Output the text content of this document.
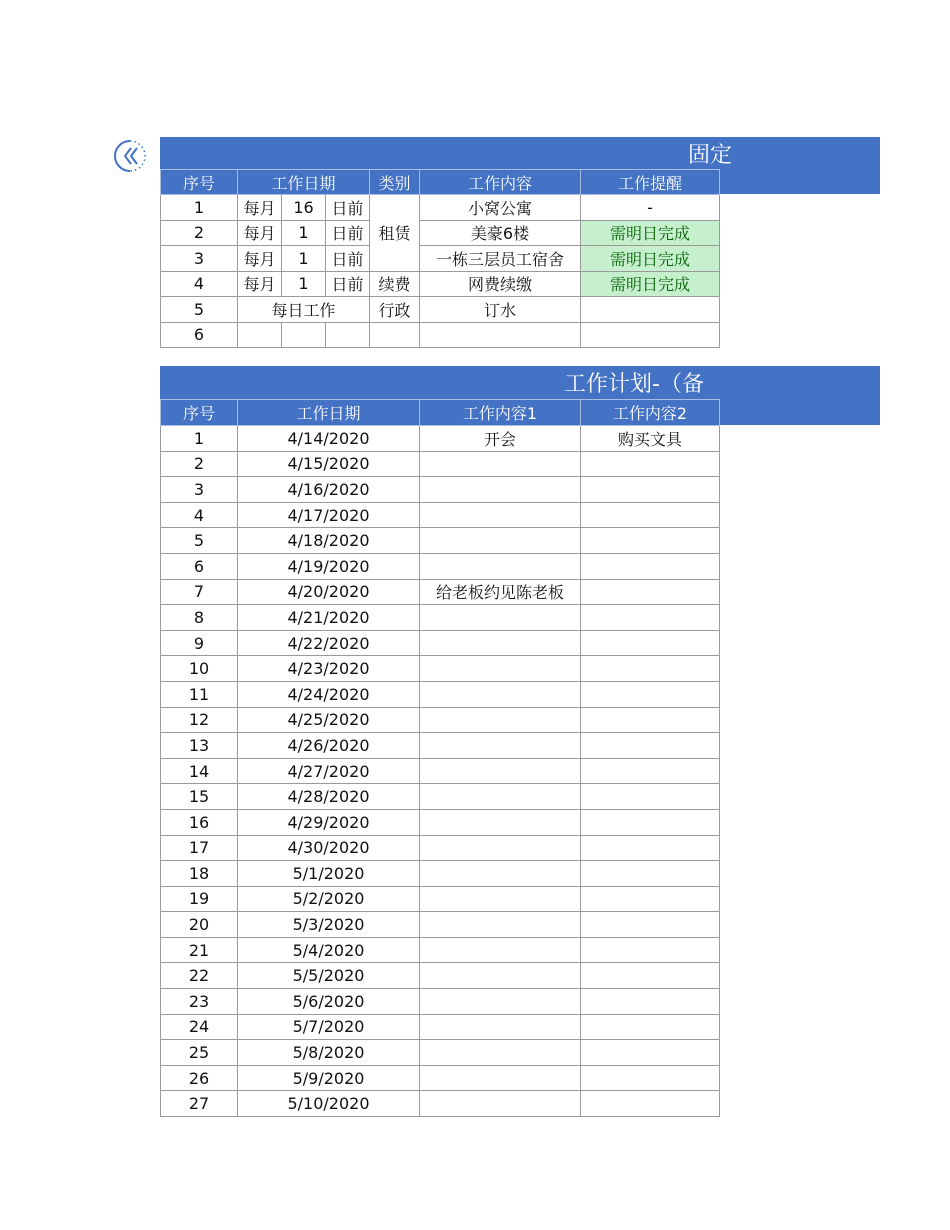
固定
序号	工作日期			类别	工作内容	工作提醒
1	每月	16	日前	租赁	小窝公寓	-
2	每月	1	日前		美豪6楼	需明日完成
3	每月	1	日前		一栋三层员工宿舍	需明日完成
4	每月	1	日前	续费	网费续缴	需明日完成
5	每日工作			行政	订水	
6						
工作计划-（备
序号	工作日期	工作内容1	工作内容2
1	4/14/2020	开会	购买文具
2	4/15/2020		
3	4/16/2020		
4	4/17/2020		
5	4/18/2020		
6	4/19/2020		
7	4/20/2020	给老板约见陈老板	
8	4/21/2020		
9	4/22/2020		
10	4/23/2020		
11	4/24/2020		
12	4/25/2020		
13	4/26/2020		
14	4/27/2020		
15	4/28/2020		
16	4/29/2020		
17	4/30/2020		
18	5/1/2020		
19	5/2/2020		
20	5/3/2020		
21	5/4/2020		
22	5/5/2020		
23	5/6/2020		
24	5/7/2020		
25	5/8/2020		
26	5/9/2020		
27	5/10/2020		
